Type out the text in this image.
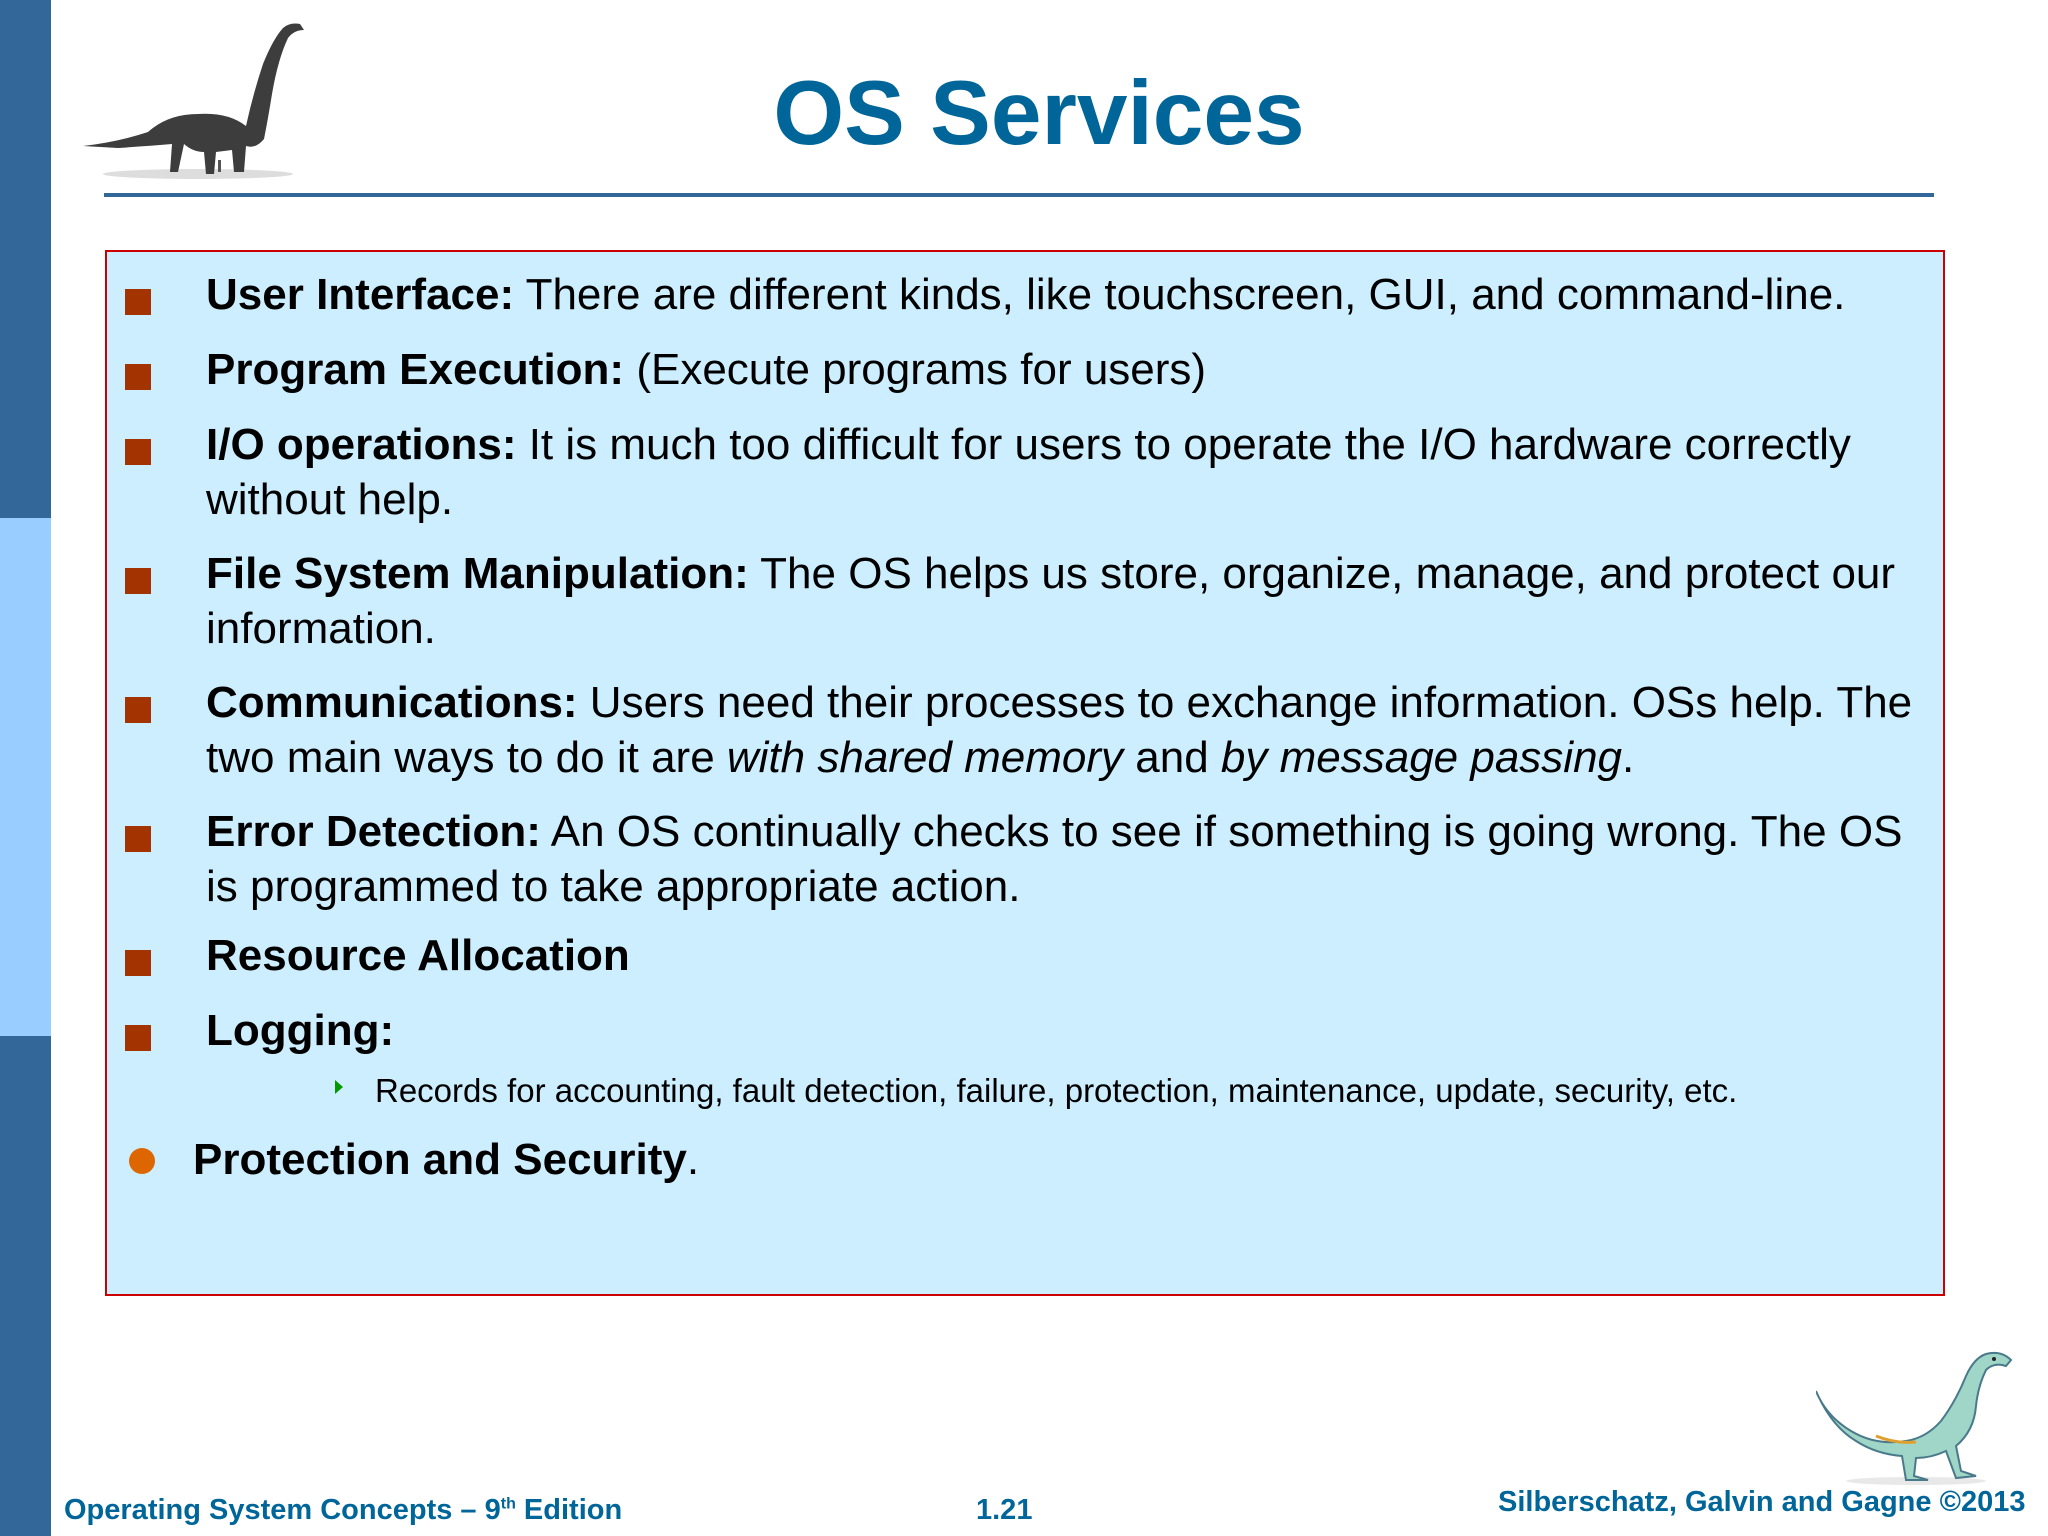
OS Services
User Interface: There are different kinds, like touchscreen, GUI, and command-line.
Program Execution: (Execute programs for users)
I/O operations: It is much too difficult for users to operate the I/O hardware correctly without help.
File System Manipulation: The OS helps us store, organize, manage, and protect our information.
Communications: Users need their processes to exchange information. OSs help. The two main ways to do it are with shared memory and by message passing.
Error Detection: An OS continually checks to see if something is going wrong. The OS is programmed to take appropriate action.
Resource Allocation
Logging:
Records for accounting, fault detection, failure, protection, maintenance, update, security, etc.
Protection and Security.
Operating System Concepts – 9th Edition	1.21	Silberschatz, Galvin and Gagne ©2013
